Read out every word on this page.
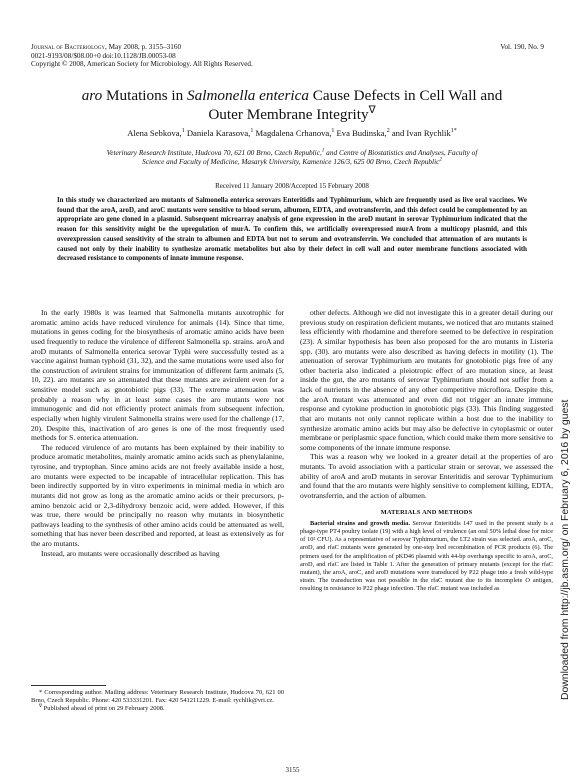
Journal of Bacteriology, May 2008, p. 3155–3160
0021-9193/08/$08.00+0 doi:10.1128/JB.00053-08
Copyright © 2008, American Society for Microbiology. All Rights Reserved.
Vol. 190, No. 9
aro Mutations in Salmonella enterica Cause Defects in Cell Wall and
Outer Membrane Integrity∇
Alena Sebkova,$^1$ Daniela Karasova,$^1$ Magdalena Crhanova,$^1$ Eva Budinska,$^2$ and Ivan Rychlik$^{1*}$
Veterinary Research Institute, Hudcova 70, 621 00 Brno, Czech Republic,$^1$ and Centre of Biostatistics and Analyses, Faculty of
Science and Faculty of Medicine, Masaryk University, Kamenice 126/3, 625 00 Brno, Czech Republic$^2$
Received 11 January 2008/Accepted 15 February 2008
In this study we characterized aro mutants of Salmonella enterica serovars Enteritidis and Typhimurium, which are frequently used as live oral vaccines. We found that the aroA, aroD, and aroC mutants were sensitive to blood serum, albumen, EDTA, and ovotransferrin, and this defect could be complemented by an appropriate aro gene cloned in a plasmid. Subsequent microarray analysis of gene expression in the aroD mutant in serovar Typhimurium indicated that the reason for this sensitivity might be the upregulation of murA. To confirm this, we artificially overexpressed murA from a multicopy plasmid, and this overexpression caused sensitivity of the strain to albumen and EDTA but not to serum and ovotransferrin. We concluded that attenuation of aro mutants is caused not only by their inability to synthesize aromatic metabolites but also by their defect in cell wall and outer membrane functions associated with decreased resistance to components of innate immune response.

In the early 1980s it was learned that Salmonella mutants auxotrophic for aromatic amino acids have reduced virulence for animals (14). Since that time, mutations in genes coding for the biosynthesis of aromatic amino acids have been used frequently to reduce the virulence of different Salmonella sp. strains. aroA and aroD mutants of Salmonella enterica serovar Typhi were successfully tested as a vaccine against human typhoid (31, 32), and the same mutations were used also for the construction of avirulent strains for immunization of different farm animals (5, 10, 22). aro mutants are so attenuated that these mutants are avirulent even for a sensitive model such as gnotobiotic pigs (33). The extreme attenuation was probably a reason why in at least some cases the aro mutants were not immunogenic and did not efficiently protect animals from subsequent infection, especially when highly virulent Salmonella strains were used for the challenge (17, 20). Despite this, inactivation of aro genes is one of the most frequently used methods for S. enterica attenuation.

The reduced virulence of aro mutants has been explained by their inability to produce aromatic metabolites, mainly aromatic amino acids such as phenylalanine, tyrosine, and tryptophan. Since amino acids are not freely available inside a host, aro mutants were expected to be incapable of intracellular replication. This has been indirectly supported by in vitro experiments in minimal media in which aro mutants did not grow as long as the aromatic amino acids or their precursors, p-amino benzoic acid or 2,3-dihydroxy benzoic acid, were added. However, if this was true, there would be principally no reason why mutants in biosynthetic pathways leading to the synthesis of other amino acids could be attenuated as well, something that has never been described and reported, at least as extensively as for the aro mutants.

Instead, aro mutants were occasionally described as having

other defects. Although we did not investigate this in a greater detail during our previous study on respiration deficient mutants, we noticed that aro mutants stained less efficiently with rhodamine and therefore seemed to be defective in respiration (23). A similar hypothesis has been also proposed for the aro mutants in Listeria spp. (30). aro mutants were also described as having defects in motility (1). The attenuation of serovar Typhimurium aro mutants for gnotobiotic pigs free of any other bacteria also indicated a pleiotropic effect of aro mutation since, at least inside the gut, the aro mutants of serovar Typhimurium should not suffer from a lack of nutrients in the absence of any other competitive microflora. Despite this, the aroA mutant was attenuated and even did not trigger an innate immune response and cytokine production in gnotobiotic pigs (33). This finding suggested that aro mutants not only cannot replicate within a host due to the inability to synthesize aromatic amino acids but may also be defective in cytoplasmic or outer membrane or periplasmic space function, which could make them more sensitive to some components of the innate immune response.

This was a reason why we looked in a greater detail at the properties of aro mutants. To avoid association with a particular strain or serovar, we assessed the ability of aroA and aroD mutants in serovar Enteritidis and serovar Typhimurium and found that the aro mutants were highly sensitive to complement killing, EDTA, ovotransferrin, and the action of albumen.

MATERIALS AND METHODS

Bacterial strains and growth media. Serovar Enteritidis 147 used in the present study is a phage-type PT4 poultry isolate (19) with a high level of virulence (an oral 50% lethal dose for mice of 10² CFU). As a representative of serovar Typhimurium, the LT2 strain was selected. aroA, aroC, aroD, and rfaC mutants were generated by one-step lred recombination of PCR products (6). The primers used for the amplification of pKD46 plasmid with 44-bp overhangs specific to aroA, aroC, aroD, and rfaC are listed in Table 1. After the generation of primary mutants (except for the rfaC mutant), the aroA, aroC, and aroD mutations were transduced by P22 phage into a fresh wild-type strain. The transduction was not possible in the rfaC mutant due to its incomplete O antigen, resulting in resistance to P22 phage infection. The rfaC mutant was included as

* Corresponding author. Mailing address: Veterinary Research Institute, Hudcova 70, 621 00 Brno, Czech Republic. Phone: 420 533331201. Fax: 420 541211229. E-mail: rychlik@vri.cz.

∇ Published ahead of print on 29 February 2008.

3155
Downloaded from http://jb.asm.org/ on February 6, 2016 by guest
